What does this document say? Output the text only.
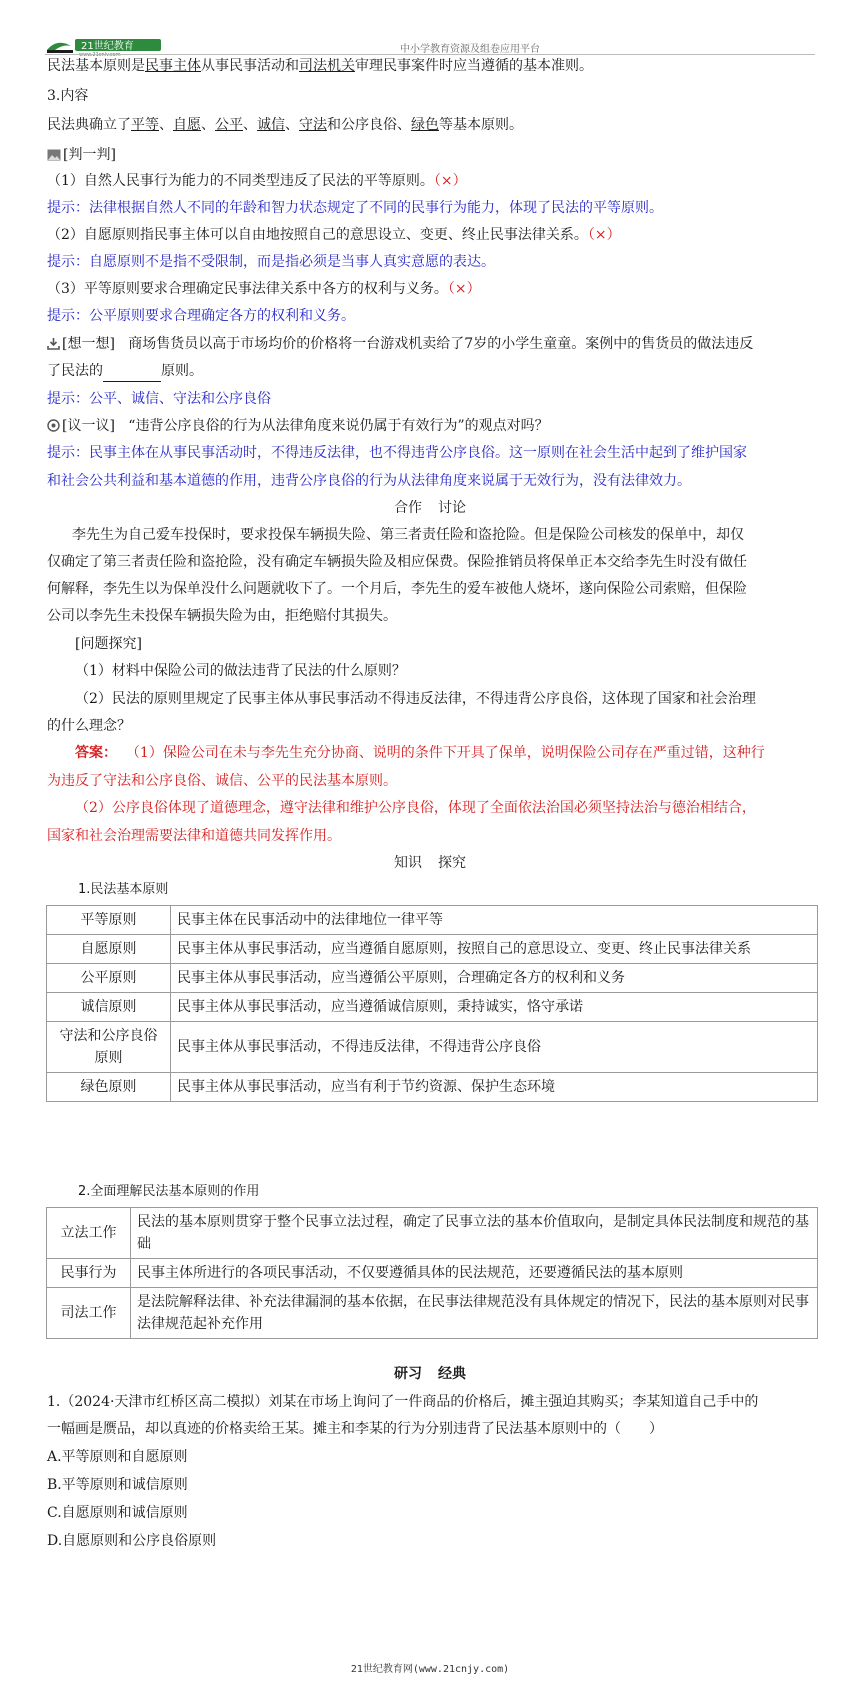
21世纪教育
www.21cnjy.com	中小学教育资源及组卷应用平台
民法基本原则是民事主体从事民事活动和司法机关审理民事案件时应当遵循的基本准则。
3.内容
民法典确立了平等、自愿、公平、诚信、守法和公序良俗、绿色等基本原则。
[判一判]
（1）自然人民事行为能力的不同类型违反了民法的平等原则。（×）
提示：法律根据自然人不同的年龄和智力状态规定了不同的民事行为能力，体现了民法的平等原则。
（2）自愿原则指民事主体可以自由地按照自己的意思设立、变更、终止民事法律关系。（×）
提示：自愿原则不是指不受限制，而是指必须是当事人真实意愿的表达。
（3）平等原则要求合理确定民事法律关系中各方的权利与义务。（×）
提示：公平原则要求合理确定各方的权利和义务。
[想一想] 商场售货员以高于市场均价的价格将一台游戏机卖给了7岁的小学生童童。案例中的售货员的做法违反
了民法的	原则。
提示：公平、诚信、守法和公序良俗
[议一议] “违背公序良俗的行为从法律角度来说仍属于有效行为”的观点对吗？
提示：民事主体在从事民事活动时，不得违反法律，也不得违背公序良俗。这一原则在社会生活中起到了维护国家
和社会公共利益和基本道德的作用，违背公序良俗的行为从法律角度来说属于无效行为，没有法律效力。
合作 讨论
李先生为自己爱车投保时，要求投保车辆损失险、第三者责任险和盗抢险。但是保险公司核发的保单中，却仅
仅确定了第三者责任险和盗抢险，没有确定车辆损失险及相应保费。保险推销员将保单正本交给李先生时没有做任
何解释，李先生以为保单没什么问题就收下了。一个月后，李先生的爱车被他人烧坏，遂向保险公司索赔，但保险
公司以李先生未投保车辆损失险为由，拒绝赔付其损失。
[问题探究]
（1）材料中保险公司的做法违背了民法的什么原则？
（2）民法的原则里规定了民事主体从事民事活动不得违反法律，不得违背公序良俗，这体现了国家和社会治理
的什么理念？
答案： （1）保险公司在未与李先生充分协商、说明的条件下开具了保单，说明保险公司存在严重过错，这种行
为违反了守法和公序良俗、诚信、公平的民法基本原则。
（2）公序良俗体现了道德理念，遵守法律和维护公序良俗，体现了全面依法治国必须坚持法治与德治相结合，
国家和社会治理需要法律和道德共同发挥作用。
知识 探究
1.民法基本原则
平等原则	民事主体在民事活动中的法律地位一律平等
自愿原则	民事主体从事民事活动，应当遵循自愿原则，按照自己的意思设立、变更、终止民事法律关系
公平原则	民事主体从事民事活动，应当遵循公平原则，合理确定各方的权利和义务
诚信原则	民事主体从事民事活动，应当遵循诚信原则，秉持诚实，恪守承诺
守法和公序良俗原则	民事主体从事民事活动，不得违反法律，不得违背公序良俗
绿色原则	民事主体从事民事活动，应当有利于节约资源、保护生态环境
2.全面理解民法基本原则的作用
立法工作	民法的基本原则贯穿于整个民事立法过程，确定了民事立法的基本价值取向，是制定具体民法制度和规范的基础
民事行为	民事主体所进行的各项民事活动，不仅要遵循具体的民法规范，还要遵循民法的基本原则
司法工作	是法院解释法律、补充法律漏洞的基本依据，在民事法律规范没有具体规定的情况下，民法的基本原则对民事法律规范起补充作用
研习 经典
1.（2024·天津市红桥区高二模拟）刘某在市场上询问了一件商品的价格后，摊主强迫其购买；李某知道自己手中的
一幅画是赝品，却以真迹的价格卖给王某。摊主和李某的行为分别违背了民法基本原则中的（　　）
A.平等原则和自愿原则
B.平等原则和诚信原则
C.自愿原则和诚信原则
D.自愿原则和公序良俗原则
21世纪教育网(www.21cnjy.com)
